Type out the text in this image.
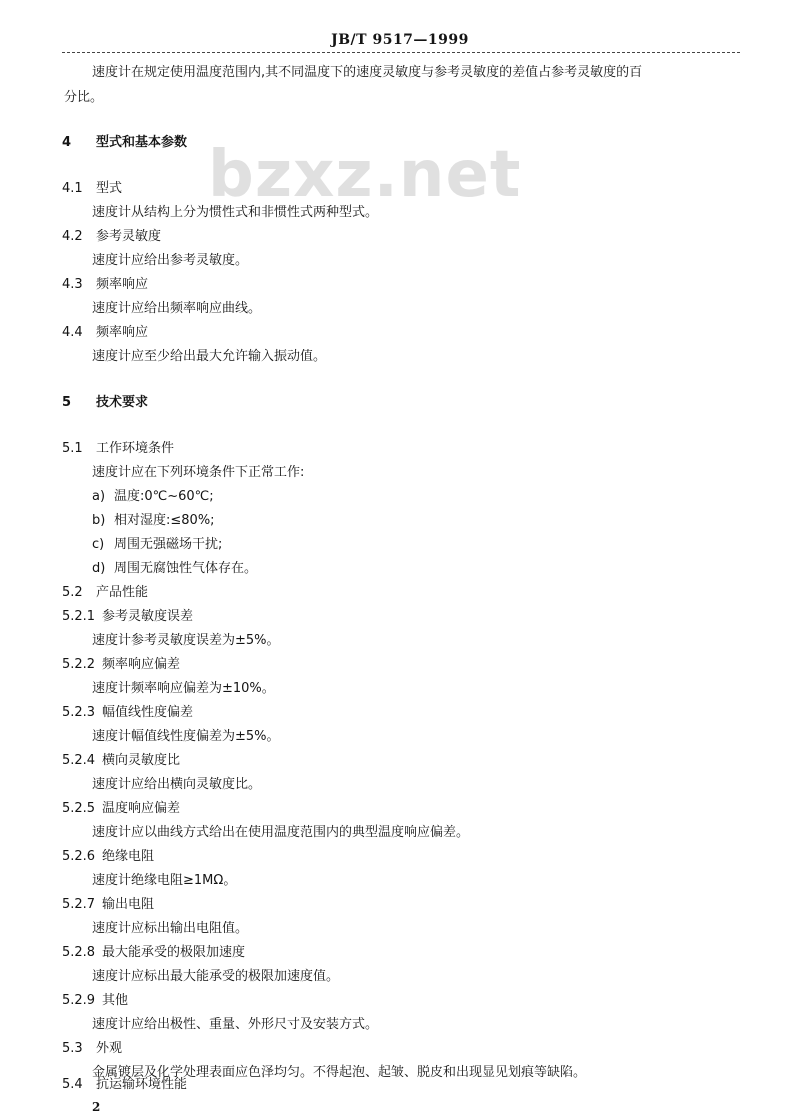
JB/T 9517—1999
bzxz.net
速度计在规定使用温度范围内,其不同温度下的速度灵敏度与参考灵敏度的差值占参考灵敏度的百
分比。
4 型式和基本参数
4.1 型式
速度计从结构上分为惯性式和非惯性式两种型式。
4.2 参考灵敏度
速度计应给出参考灵敏度。
4.3 频率响应
速度计应给出频率响应曲线。
4.4 频率响应
速度计应至少给出最大允许输入振动值。
5 技术要求
5.1 工作环境条件
速度计应在下列环境条件下正常工作:
a) 温度:0℃~60℃;
b) 相对湿度:≤80%;
c) 周围无强磁场干扰;
d) 周围无腐蚀性气体存在。
5.2 产品性能
5.2.1 参考灵敏度误差
速度计参考灵敏度误差为±5%。
5.2.2 频率响应偏差
速度计频率响应偏差为±10%。
5.2.3 幅值线性度偏差
速度计幅值线性度偏差为±5%。
5.2.4 横向灵敏度比
速度计应给出横向灵敏度比。
5.2.5 温度响应偏差
速度计应以曲线方式给出在使用温度范围内的典型温度响应偏差。
5.2.6 绝缘电阻
速度计绝缘电阻≥1MΩ。
5.2.7 输出电阻
速度计应标出输出电阻值。
5.2.8 最大能承受的极限加速度
速度计应标出最大能承受的极限加速度值。
5.2.9 其他
速度计应给出极性、重量、外形尺寸及安装方式。
5.3 外观
金属镀层及化学处理表面应色泽均匀。不得起泡、起皱、脱皮和出现显见划痕等缺陷。
5.4 抗运输环境性能
2
